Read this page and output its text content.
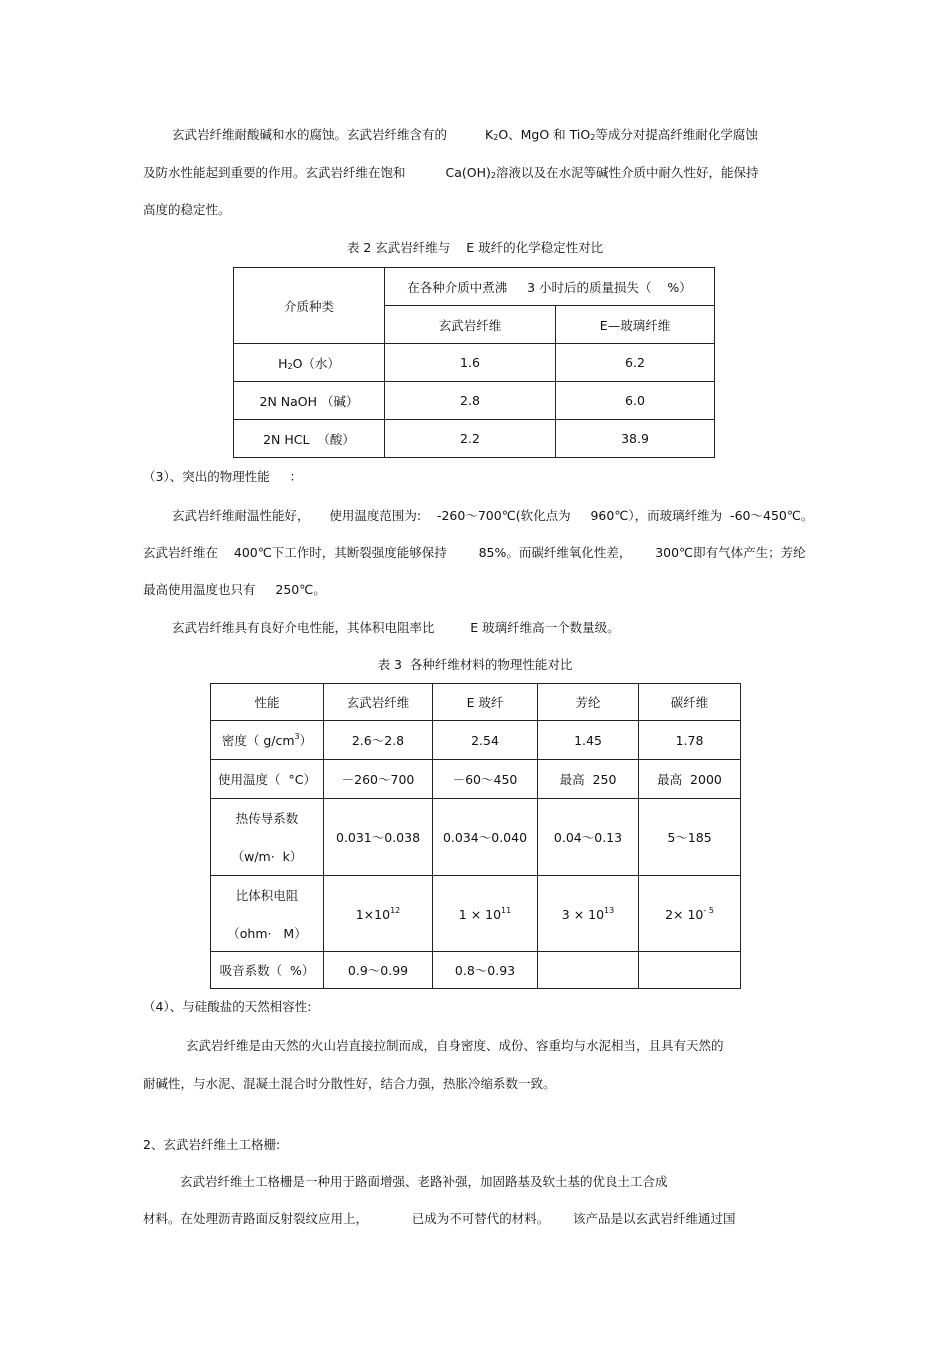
玄武岩纤维耐酸碱和水的腐蚀。玄武岩纤维含有的	$K_2O$、MgO 和 TiO$_2$等成分对提高纤维耐化学腐蚀
及防水性能起到重要的作用。玄武岩纤维在饱和	$Ca(OH)_2$溶液以及在水泥等碱性介质中耐久性好，能保持
高度的稳定性。
表 2 玄武岩纤维与    E 玻纤的化学稳定性对比
介质种类	在各种介质中煮沸     3 小时后的质量损失（    %）	
	玄武岩纤维	E—玻璃纤维
$H_2O$（水）	1.6	6.2
2N NaOH （碱）	2.8	6.0
2N HCL  （酸）	2.2	38.9
（3）、突出的物理性能     ：
玄武岩纤维耐温性能好，     使用温度范围为:    -260～700℃(软化点为     960℃），而玻璃纤维为  -60～450℃。
玄武岩纤维在    400℃下工作时，其断裂强度能够保持        85%。而碳纤维氧化性差，      300℃即有气体产生；芳纶
最高使用温度也只有     250℃。
玄武岩纤维具有良好介电性能，其体积电阻率比         E 玻璃纤维高一个数量级。
表 3  各种纤维材料的物理性能对比
性能	玄武岩纤维	E 玻纤	芳纶	碳纤维
密度（ $g/cm^3$）	2.6～2.8	2.54	1.45	1.78
使用温度（  °C）	－260～700	－60～450	最高  250	最高  2000

热传导系数
（w/m·  k）	0.031～0.038	0.034～0.040	0.04～0.13	5～185

比体积电阻
（ohm·   M）	$1\times 10^{12}$	$1 \times 10^{11}$	$3 \times 10^{13}$	$2\times 10^{- 5}$
吸音系数（  %）	0.9～0.99	0.8～0.93		
（4）、与硅酸盐的天然相容性:
玄武岩纤维是由天然的火山岩直接拉制而成，自身密度、成份、容重均与水泥相当，且具有天然的
耐碱性，与水泥、混凝土混合时分散性好，结合力强，热胀冷缩系数一致。
2、玄武岩纤维土工格栅:
玄武岩纤维土工格栅是一种用于路面增强、老路补强，加固路基及软土基的优良土工合成
材料。在处理沥青路面反射裂纹应用上，           已成为不可替代的材料。      该产品是以玄武岩纤维通过国
